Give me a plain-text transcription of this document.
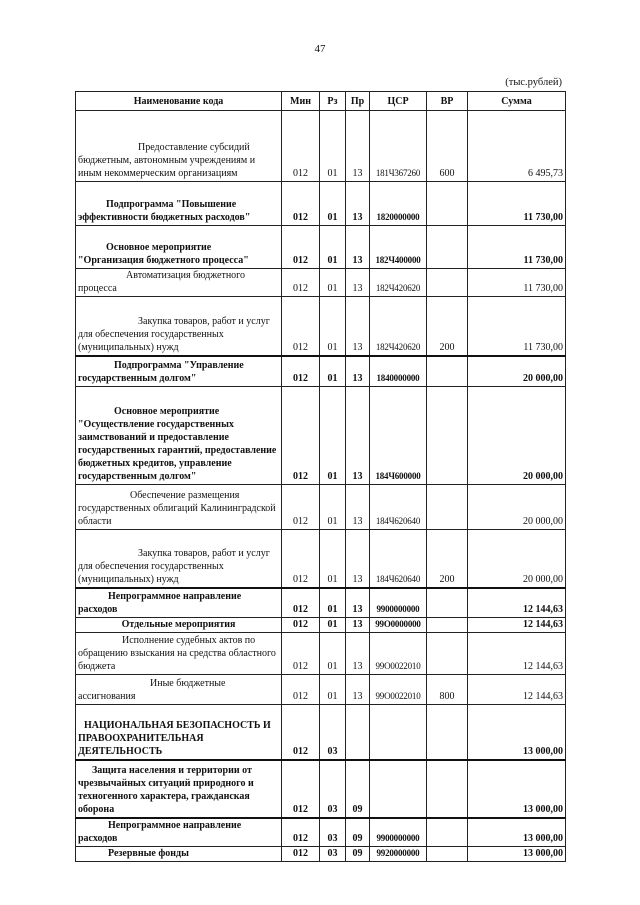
47
(тыс.рублей)
Наименование кода	Мин	Рз	Пр	ЦСР	ВР	Сумма
Предоставление субсидий бюджетным, автономным учреждениям и иным некоммерческим организациям	012	01	13	181Ч367260	600	6 495,73
Подпрограмма "Повышение эффективности бюджетных расходов"	012	01	13	1820000000		11 730,00
Основное мероприятие "Организация бюджетного процесса"	012	01	13	182Ч400000		11 730,00
Автоматизация бюджетного процесса	012	01	13	182Ч420620		11 730,00
Закупка товаров, работ и услуг для обеспечения государственных (муниципальных) нужд	012	01	13	182Ч420620	200	11 730,00
Подпрограмма "Управление государственным долгом"	012	01	13	1840000000		20 000,00
Основное мероприятие "Осуществление государственных заимствований и предоставление государственных гарантий, предоставление бюджетных кредитов, управление государственным долгом"	012	01	13	184Ч600000		20 000,00
Обеспечение размещения государственных облигаций Калининградской области	012	01	13	184Ч620640		20 000,00
Закупка товаров, работ и услуг для обеспечения государственных (муниципальных) нужд	012	01	13	184Ч620640	200	20 000,00
Непрограммное направление расходов	012	01	13	9900000000		12 144,63
Отдельные мероприятия	012	01	13	99О0000000		12 144,63
Исполнение судебных актов по обращению взыскания на средства областного бюджета	012	01	13	99О0022010		12 144,63
Иные бюджетные ассигнования	012	01	13	99О0022010	800	12 144,63
НАЦИОНАЛЬНАЯ БЕЗОПАСНОСТЬ И ПРАВООХРАНИТЕЛЬНАЯ ДЕЯТЕЛЬНОСТЬ	012	03				13 000,00
Защита населения и территории от чрезвычайных ситуаций природного и техногенного характера, гражданская оборона	012	03	09			13 000,00
Непрограммное направление расходов	012	03	09	9900000000		13 000,00
Резервные фонды	012	03	09	9920000000		13 000,00
